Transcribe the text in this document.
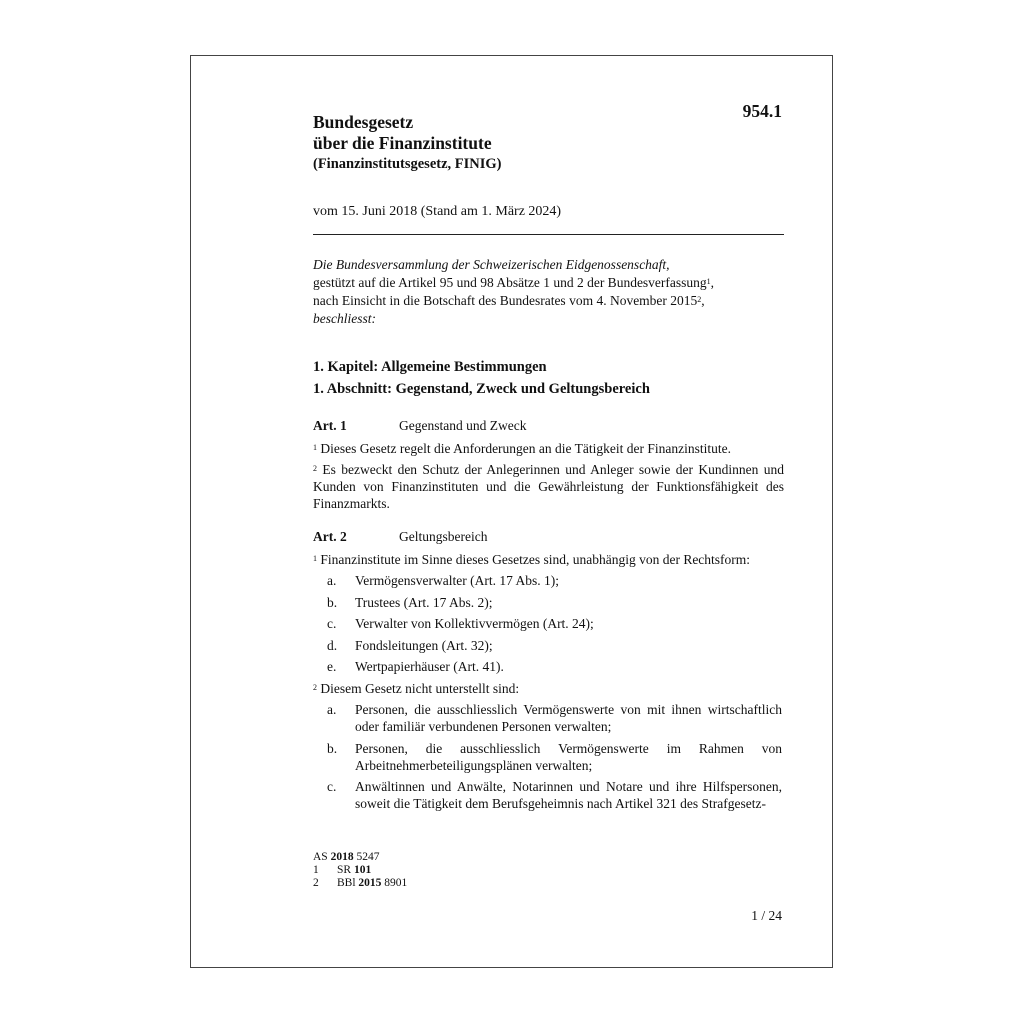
Bundesgesetz
über die Finanzinstitute
(Finanzinstitutsgesetz, FINIG)
954.1
vom 15. Juni 2018 (Stand am 1. März 2024)
Die Bundesversammlung der Schweizerischen Eidgenossenschaft,
gestützt auf die Artikel 95 und 98 Absätze 1 und 2 der Bundesverfassung$^1$,
nach Einsicht in die Botschaft des Bundesrates vom 4. November 2015$^2$,
beschliesst:
1. Kapitel: Allgemeine Bestimmungen
1. Abschnitt: Gegenstand, Zweck und Geltungsbereich
Art. 1	Gegenstand und Zweck
$^1$ Dieses Gesetz regelt die Anforderungen an die Tätigkeit der Finanzinstitute.
$^2$ Es bezweckt den Schutz der Anlegerinnen und Anleger sowie der Kundinnen und Kunden von Finanzinstituten und die Gewährleistung der Funktionsfähigkeit des Finanzmarkts.
Art. 2	Geltungsbereich
$^1$ Finanzinstitute im Sinne dieses Gesetzes sind, unabhängig von der Rechtsform:
a.	Vermögensverwalter (Art. 17 Abs. 1);
b.	Trustees (Art. 17 Abs. 2);
c.	Verwalter von Kollektivvermögen (Art. 24);
d.	Fondsleitungen (Art. 32);
e.	Wertpapierhäuser (Art. 41).
$^2$ Diesem Gesetz nicht unterstellt sind:
a.	Personen, die ausschliesslich Vermögenswerte von mit ihnen wirtschaftlich oder familiär verbundenen Personen verwalten;
b.	Personen, die ausschliesslich Vermögenswerte im Rahmen von Arbeitnehmerbeteiligungsplänen verwalten;
c.	Anwältinnen und Anwälte, Notarinnen und Notare und ihre Hilfspersonen, soweit die Tätigkeit dem Berufsgeheimnis nach Artikel 321 des Strafgesetz-
AS 2018 5247
1 SR 101
2 BBl 2015 8901
1 / 24
